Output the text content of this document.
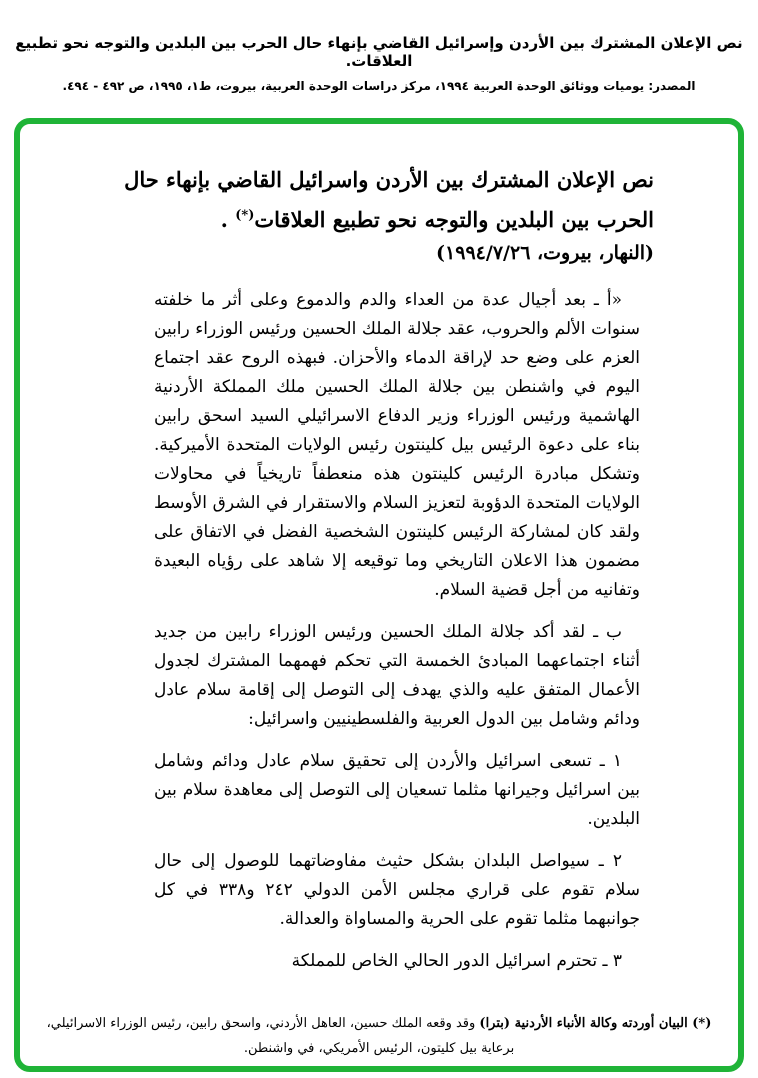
نص الإعلان المشترك بين الأردن وإسرائيل القاضي بإنهاء حال الحرب بين البلدين والتوجه نحو تطبيع العلاقات.
المصدر: يوميات ووثائق الوحدة العربية ١٩٩٤، مركز دراسات الوحدة العربية، بيروت، ط١، ١٩٩٥، ص ٤٩٢ - ٤٩٤.
نص الإعلان المشترك بين الأردن واسرائيل القاضي بإنهاء حال الحرب بين البلدين والتوجه نحو تطبيع العلاقات(*) .
(النهار، بيروت، ٢٦‏/‏٧‏/‏١٩٩٤)

«أ ـ بعد أجيال عدة من العداء والدم والدموع وعلى أثر ما خلفته سنوات الألم والحروب، عقد جلالة الملك الحسين ورئيس الوزراء رابين العزم على وضع حد لإراقة الدماء والأحزان. فبهذه الروح عقد اجتماع اليوم في واشنطن بين جلالة الملك الحسين ملك المملكة الأردنية الهاشمية ورئيس الوزراء وزير الدفاع الاسرائيلي السيد اسحق رابين بناء على دعوة الرئيس بيل كلينتون رئيس الولايات المتحدة الأميركية. وتشكل مبادرة الرئيس كلينتون هذه منعطفاً تاريخياً في محاولات الولايات المتحدة الدؤوبة لتعزيز السلام والاستقرار في الشرق الأوسط ولقد كان لمشاركة الرئيس كلينتون الشخصية الفضل في الاتفاق على مضمون هذا الاعلان التاريخي وما توقيعه إلا شاهد على رؤياه البعيدة وتفانيه من أجل قضية السلام.

ب ـ لقد أكد جلالة الملك الحسين ورئيس الوزراء رابين من جديد أثناء اجتماعهما المبادئ الخمسة التي تحكم فهمهما المشترك لجدول الأعمال المتفق عليه والذي يهدف إلى التوصل إلى إقامة سلام عادل ودائم وشامل بين الدول العربية والفلسطينيين واسرائيل:

١ ـ تسعى اسرائيل والأردن إلى تحقيق سلام عادل ودائم وشامل بين اسرائيل وجيرانها مثلما تسعيان إلى التوصل إلى معاهدة سلام بين البلدين.

٢ ـ سيواصل البلدان بشكل حثيث مفاوضاتهما للوصول إلى حال سلام تقوم على قراري مجلس الأمن الدولي ٢٤٢ و٣٣٨ في كل جوانبهما مثلما تقوم على الحرية والمساواة والعدالة.

٣ ـ تحترم اسرائيل الدور الحالي الخاص للمملكة

(*) البيان أوردته وكالة الأنباء الأردنية (بترا) وقد وقعه الملك حسين، العاهل الأردني، واسحق رابين، رئيس الوزراء الاسرائيلي، برعاية بيل كليتون، الرئيس الأمريكي، في واشنطن.
